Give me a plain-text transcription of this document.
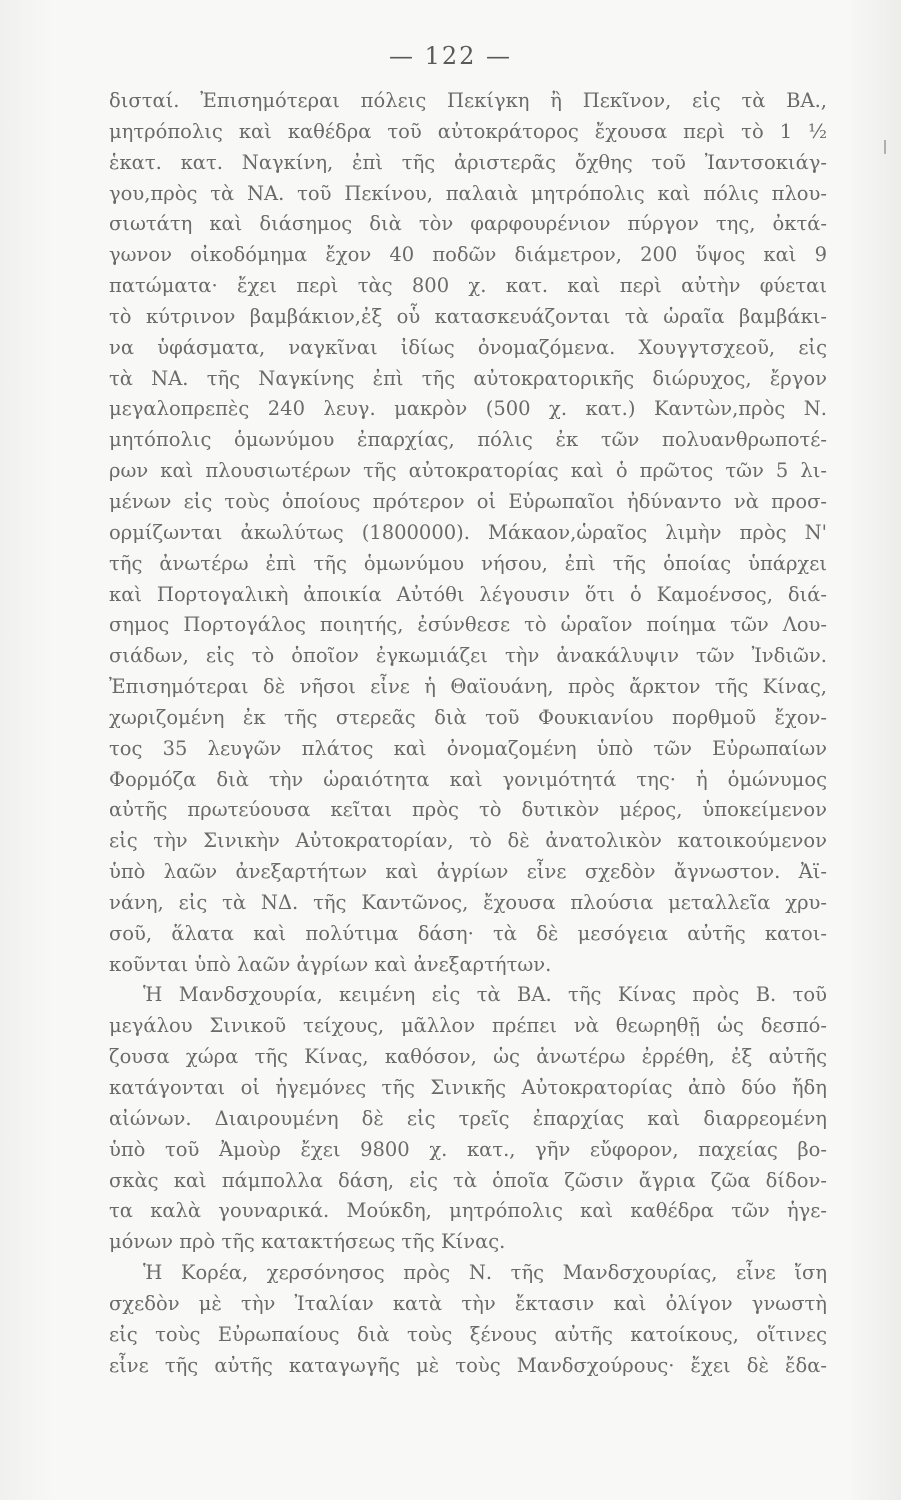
— 122 —
δισταί. Ἐπισημότεραι πόλεις Πεκίγκη ἢ Πεκῖνον, εἰς τὰ ΒΑ.,
μητρόπολις καὶ καθέδρα τοῦ αὐτοκράτορος ἔχουσα περὶ τὸ 1 ½
ἑκατ. κατ. Ναγκίνη, ἐπὶ τῆς ἀριστερᾶς ὄχθης τοῦ Ἰαντσοκιάγ-
γου,πρὸς τὰ ΝΑ. τοῦ Πεκίνου, παλαιὰ μητρόπολις καὶ πόλις πλου-
σιωτάτη καὶ διάσημος διὰ τὸν φαρφουρένιον πύργον της, ὀκτά-
γωνον οἰκοδόμημα ἔχον 40 ποδῶν διάμετρον, 200 ὕψος καὶ 9
πατώματα· ἔχει περὶ τὰς 800 χ. κατ. καὶ περὶ αὐτὴν φύεται
τὸ κύτρινον βαμβάκιον,ἐξ οὗ κατασκευάζονται τὰ ὡραῖα βαμβάκι-
να ὑφάσματα, ναγκῖναι ἰδίως ὀνομαζόμενα. Χουγγτσχεοῦ, εἰς
τὰ ΝΑ. τῆς Ναγκίνης ἐπὶ τῆς αὐτοκρατορικῆς διώρυχος, ἔργον
μεγαλοπρεπὲς 240 λευγ. μακρὸν (500 χ. κατ.) Καντὼν,πρὸς Ν.
μητόπολις ὁμωνύμου ἐπαρχίας, πόλις ἐκ τῶν πολυανθρωποτέ-
ρων καὶ πλουσιωτέρων τῆς αὐτοκρατορίας καὶ ὁ πρῶτος τῶν 5 λι-
μένων εἰς τοὺς ὁποίους πρότερον οἱ Εὐρωπαῖοι ἠδύναντο νὰ προσ-
ορμίζωνται ἀκωλύτως (1800000). Μάκαον,ὡραῖος λιμὴν πρὸς Ν'
τῆς ἀνωτέρω ἐπὶ τῆς ὁμωνύμου νήσου, ἐπὶ τῆς ὁποίας ὑπάρχει
καὶ Πορτογαλικὴ ἀποικία Αὐτόθι λέγουσιν ὅτι ὁ Καμοένσος, διά-
σημος Πορτογάλος ποιητής, ἐσύνθεσε τὸ ὡραῖον ποίημα τῶν Λου-
σιάδων, εἰς τὸ ὁποῖον ἐγκωμιάζει τὴν ἀνακάλυψιν τῶν Ἰνδιῶν.
Ἐπισημότεραι δὲ νῆσοι εἶνε ἡ Θαϊουάνη, πρὸς ἄρκτον τῆς Κίνας,
χωριζομένη ἐκ τῆς στερεᾶς διὰ τοῦ Φουκιανίου πορθμοῦ ἔχον-
τος 35 λευγῶν πλάτος καὶ ὀνομαζομένη ὑπὸ τῶν Εὐρωπαίων
Φορμόζα διὰ τὴν ὡραιότητα καὶ γονιμότητά της· ἡ ὁμώνυμος
αὐτῆς πρωτεύουσα κεῖται πρὸς τὸ δυτικὸν μέρος, ὑποκείμενον
εἰς τὴν Σινικὴν Αὐτοκρατορίαν, τὸ δὲ ἀνατολικὸν κατοικούμενον
ὑπὸ λαῶν ἀνεξαρτήτων καὶ ἀγρίων εἶνε σχεδὸν ἄγνωστον. Ἀϊ-
νάνη, εἰς τὰ ΝΔ. τῆς Καντῶνος, ἔχουσα πλούσια μεταλλεῖα χρυ-
σοῦ, ἅλατα καὶ πολύτιμα δάση· τὰ δὲ μεσόγεια αὐτῆς κατοι-
κοῦνται ὑπὸ λαῶν ἀγρίων καὶ ἀνεξαρτήτων.
Ἡ Μανδσχουρία, κειμένη εἰς τὰ ΒΑ. τῆς Κίνας πρὸς Β. τοῦ
μεγάλου Σινικοῦ τείχους, μᾶλλον πρέπει νὰ θεωρηθῇ ὡς δεσπό-
ζουσα χώρα τῆς Κίνας, καθόσον, ὡς ἀνωτέρω ἐρρέθη, ἐξ αὐτῆς
κατάγονται οἱ ἡγεμόνες τῆς Σινικῆς Αὐτοκρατορίας ἀπὸ δύο ἤδη
αἰώνων. Διαιρουμένη δὲ εἰς τρεῖς ἐπαρχίας καὶ διαρρεομένη
ὑπὸ τοῦ Ἀμοὺρ ἔχει 9800 χ. κατ., γῆν εὔφορον, παχείας βο-
σκὰς καὶ πάμπολλα δάση, εἰς τὰ ὁποῖα ζῶσιν ἄγρια ζῶα δίδον-
τα καλὰ γουναρικά. Μούκδη, μητρόπολις καὶ καθέδρα τῶν ἡγε-
μόνων πρὸ τῆς κατακτήσεως τῆς Κίνας.
Ἡ Κορέα, χερσόνησος πρὸς Ν. τῆς Μανδσχουρίας, εἶνε ἴση
σχεδὸν μὲ τὴν Ἰταλίαν κατὰ τὴν ἔκτασιν καὶ ὀλίγον γνωστὴ
εἰς τοὺς Εὐρωπαίους διὰ τοὺς ξένους αὐτῆς κατοίκους, οἵτινες
εἶνε τῆς αὐτῆς καταγωγῆς μὲ τοὺς Μανδσχούρους· ἔχει δὲ ἔδα-
